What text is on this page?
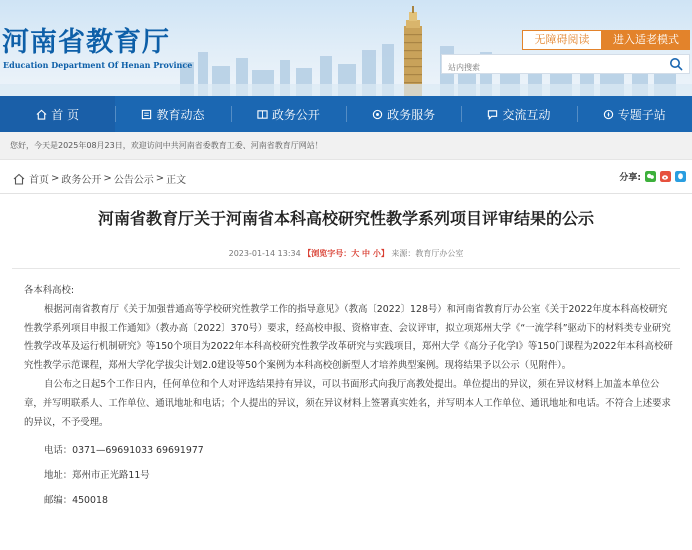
河南省教育厅
Education Department Of Henan Province
无障碍阅读	进入适老模式
站内搜索
首 页	教育动态	政务公开	政务服务	交流互动	专题子站
您好，今天是2025年08月23日，欢迎访问中共河南省委教育工委、河南省教育厅网站！
首页 > 政务公开 > 公告公示 > 正文	分享:
河南省教育厅关于河南省本科高校研究性教学系列项目评审结果的公示
2023-01-14 13:34 【浏览字号：大 中 小】 来源：教育厅办公室

各本科高校:

根据河南省教育厅《关于加强普通高等学校研究性教学工作的指导意见》（教高〔2022〕128号）和河南省教育厅办公室《关于2022年度本科高校研究性教学系列项目申报工作通知》（教办高〔2022〕370号）要求，经高校申报、资格审查、会议评审，拟立项郑州大学《“一流学科”驱动下的材料类专业研究性教学改革及运行机制研究》等150个项目为2022年本科高校研究性教学改革研究与实践项目，郑州大学《高分子化学Ⅰ》等150门课程为2022年本科高校研究性教学示范课程，郑州大学化学拔尖计划2.0建设等50个案例为本科高校创新型人才培养典型案例。现将结果予以公示（见附件）。

自公布之日起5个工作日内，任何单位和个人对评选结果持有异议，可以书面形式向我厅高教处提出。单位提出的异议，须在异议材料上加盖本单位公章，并写明联系人、工作单位、通讯地址和电话；个人提出的异议，须在异议材料上签署真实姓名，并写明本人工作单位、通讯地址和电话。不符合上述要求的异议，不予受理。

电话：0371—69691033 69691977

地址：郑州市正光路11号

邮编：450018
